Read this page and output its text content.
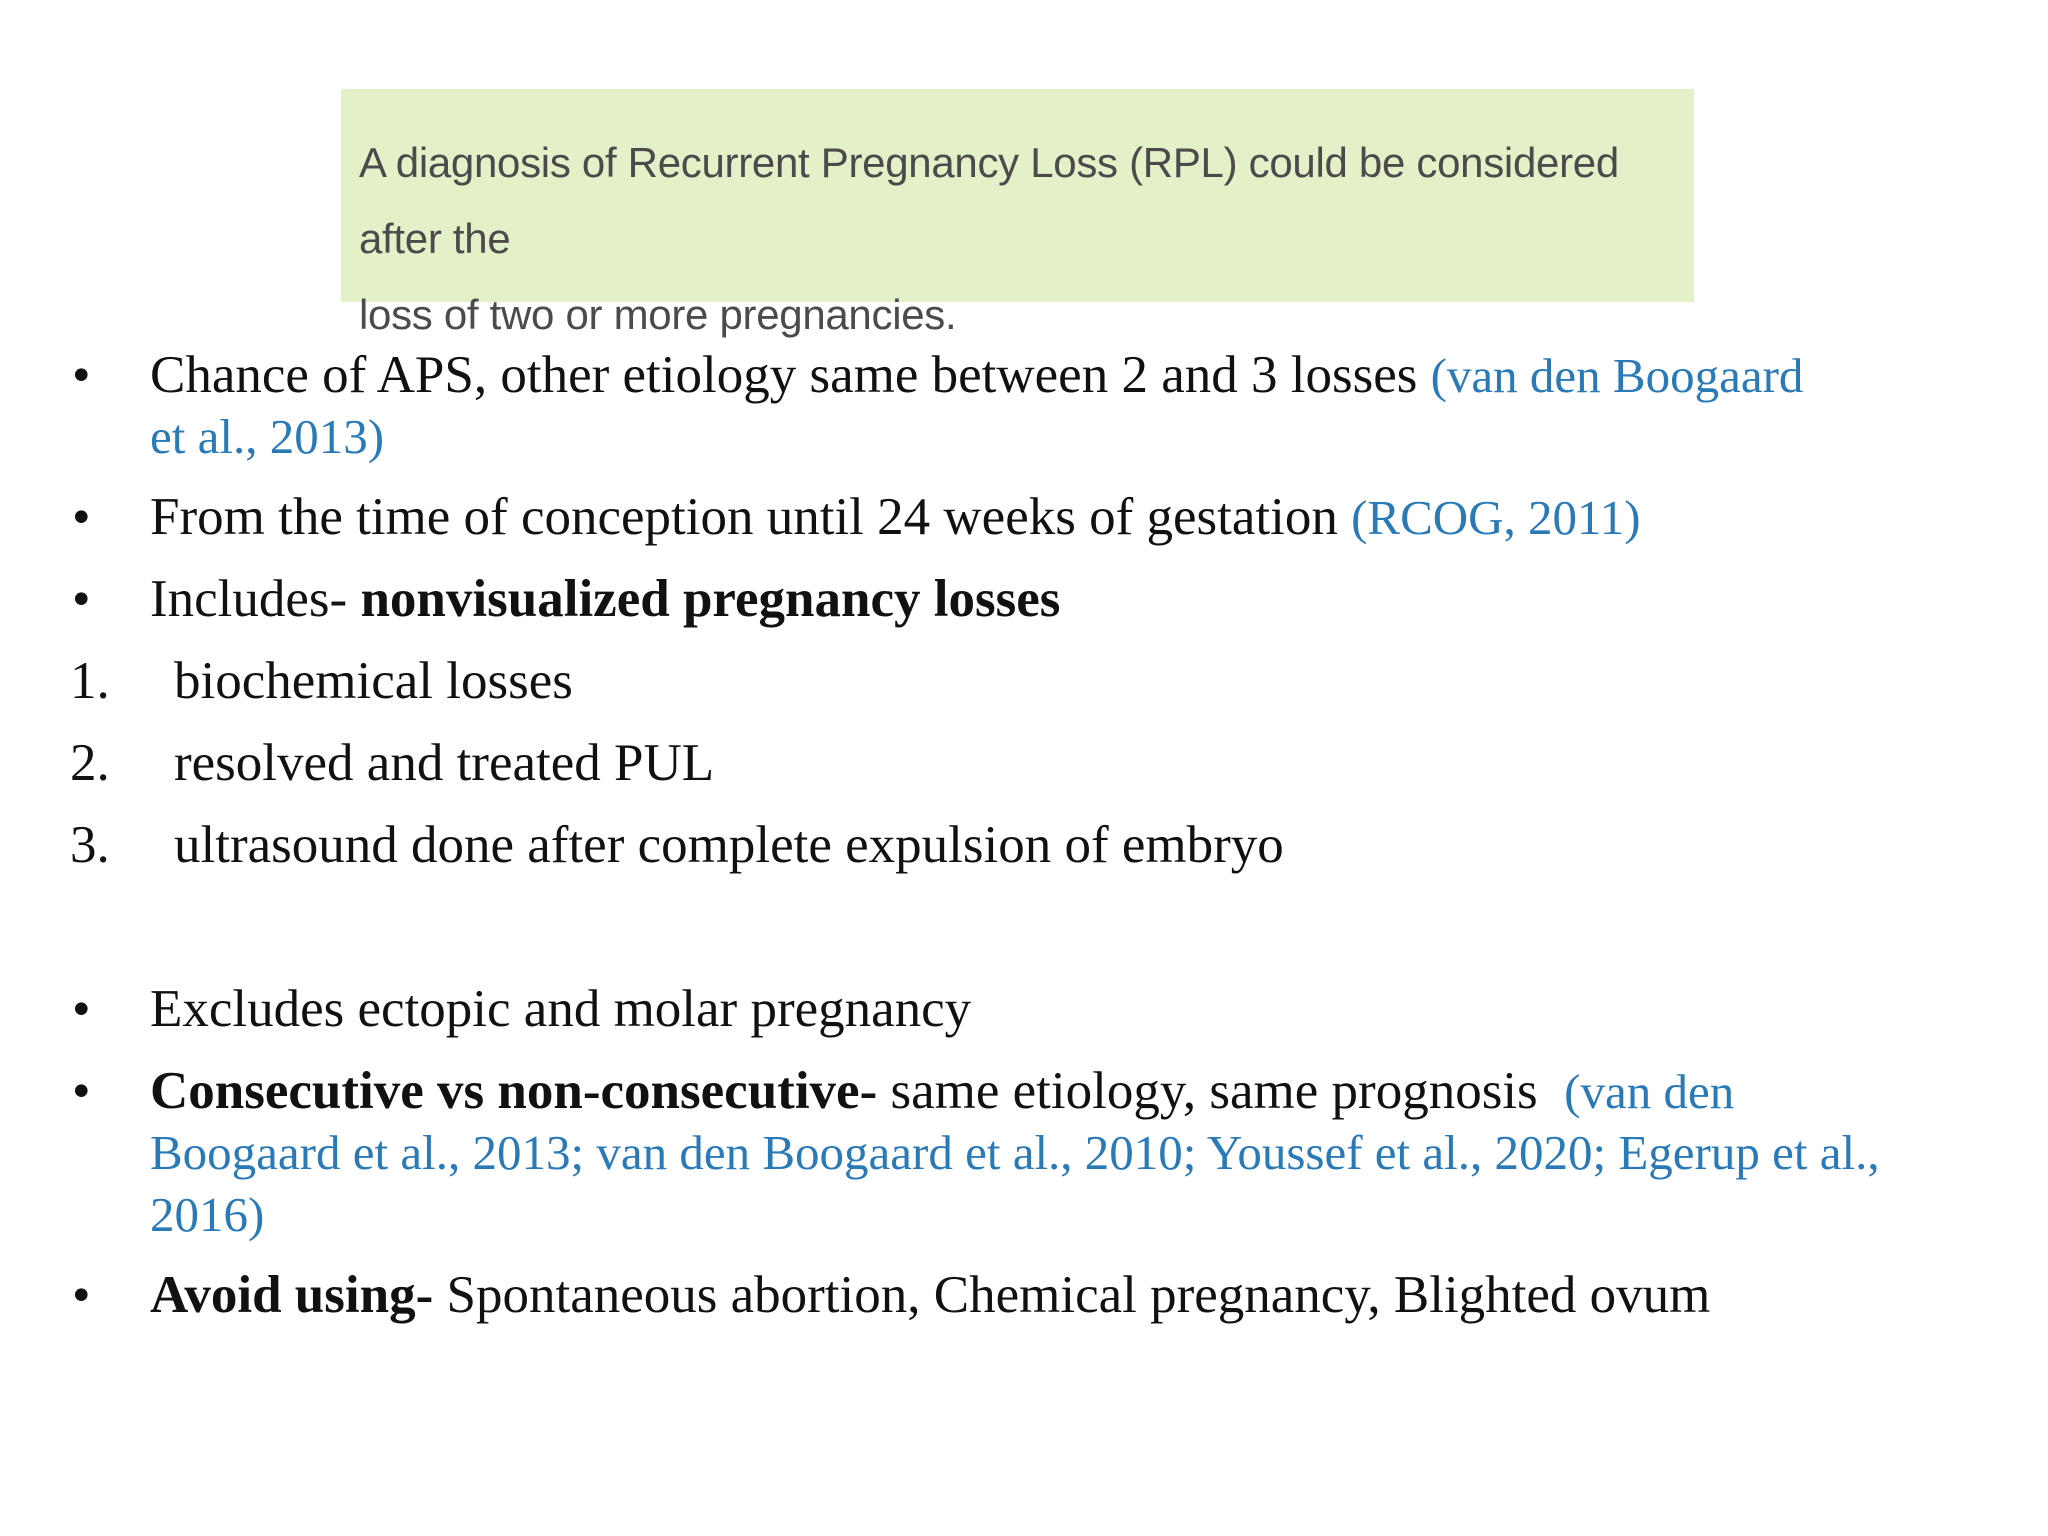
A diagnosis of Recurrent Pregnancy Loss (RPL) could be considered after the
loss of two or more pregnancies.
•	Chance of APS, other etiology same between 2 and 3 losses (van den Boogaard
et al., 2013)
•	From the time of conception until 24 weeks of gestation (RCOG, 2011)
•	Includes- nonvisualized pregnancy losses
1.	biochemical losses
2.	resolved and treated PUL
3.	ultrasound done after complete expulsion of embryo
•	Excludes ectopic and molar pregnancy
•	Consecutive vs non-consecutive- same etiology, same prognosis (van den
Boogaard et al., 2013; van den Boogaard et al., 2010; Youssef et al., 2020; Egerup et al.,
2016)
•	Avoid using- Spontaneous abortion, Chemical pregnancy, Blighted ovum
